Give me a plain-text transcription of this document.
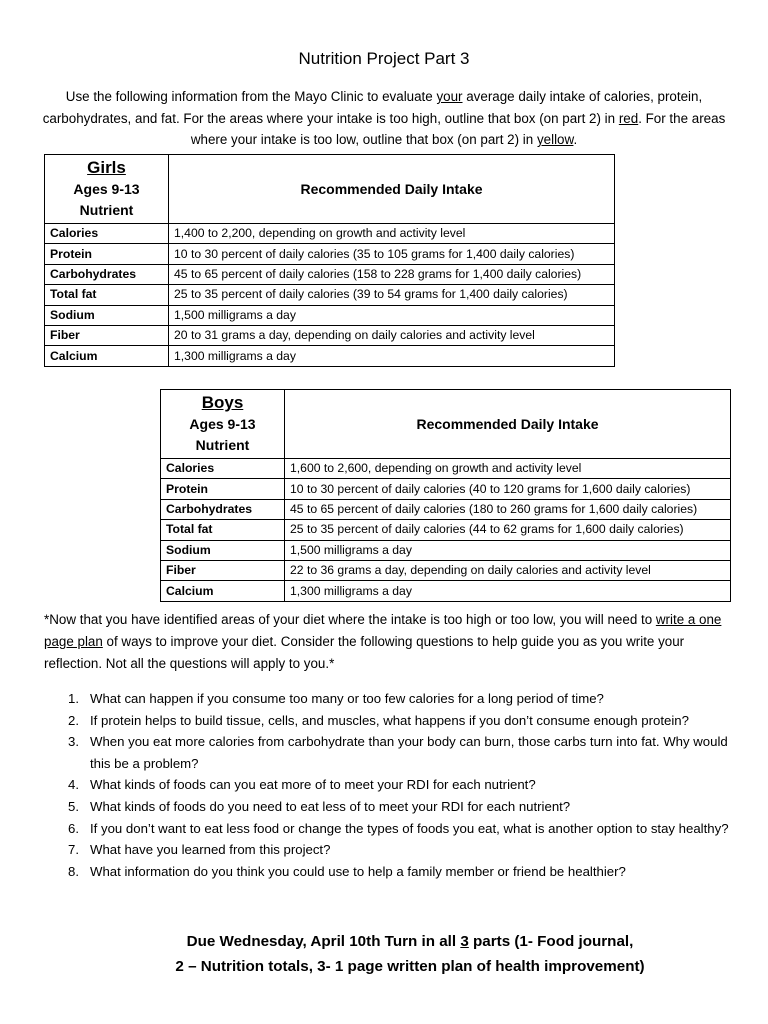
Nutrition Project Part 3
Use the following information from the Mayo Clinic to evaluate your average daily intake of calories, protein, carbohydrates, and fat. For the areas where your intake is too high, outline that box (on part 2) in red. For the areas where your intake is too low, outline that box (on part 2) in yellow.
Girls
Ages 9-13
Nutrient	Recommended Daily Intake
Calories	1,400 to 2,200, depending on growth and activity level
Protein	10 to 30 percent of daily calories (35 to 105 grams for 1,400 daily calories)
Carbohydrates	45 to 65 percent of daily calories (158 to 228 grams for 1,400 daily calories)
Total fat	25 to 35 percent of daily calories (39 to 54 grams for 1,400 daily calories)
Sodium	1,500 milligrams a day
Fiber	20 to 31 grams a day, depending on daily calories and activity level
Calcium	1,300 milligrams a day
Boys
Ages 9-13
Nutrient	Recommended Daily Intake
Calories	1,600 to 2,600, depending on growth and activity level
Protein	10 to 30 percent of daily calories (40 to 120 grams for 1,600 daily calories)
Carbohydrates	45 to 65 percent of daily calories (180 to 260 grams for 1,600 daily calories)
Total fat	25 to 35 percent of daily calories (44 to 62 grams for 1,600 daily calories)
Sodium	1,500 milligrams a day
Fiber	22 to 36 grams a day, depending on daily calories and activity level
Calcium	1,300 milligrams a day
*Now that you have identified areas of your diet where the intake is too high or too low, you will need to write a one page plan of ways to improve your diet. Consider the following questions to help guide you as you write your reflection. Not all the questions will apply to you.*
1. What can happen if you consume too many or too few calories for a long period of time?
2. If protein helps to build tissue, cells, and muscles, what happens if you don’t consume enough protein?
3. When you eat more calories from carbohydrate than your body can burn, those carbs turn into fat. Why would this be a problem?
4. What kinds of foods can you eat more of to meet your RDI for each nutrient?
5. What kinds of foods do you need to eat less of to meet your RDI for each nutrient?
6. If you don’t want to eat less food or change the types of foods you eat, what is another option to stay healthy?
7. What have you learned from this project?
8. What information do you think you could use to help a family member or friend be healthier?
Due Wednesday, April 10th Turn in all 3 parts (1- Food journal,
2 – Nutrition totals, 3- 1 page written plan of health improvement)
